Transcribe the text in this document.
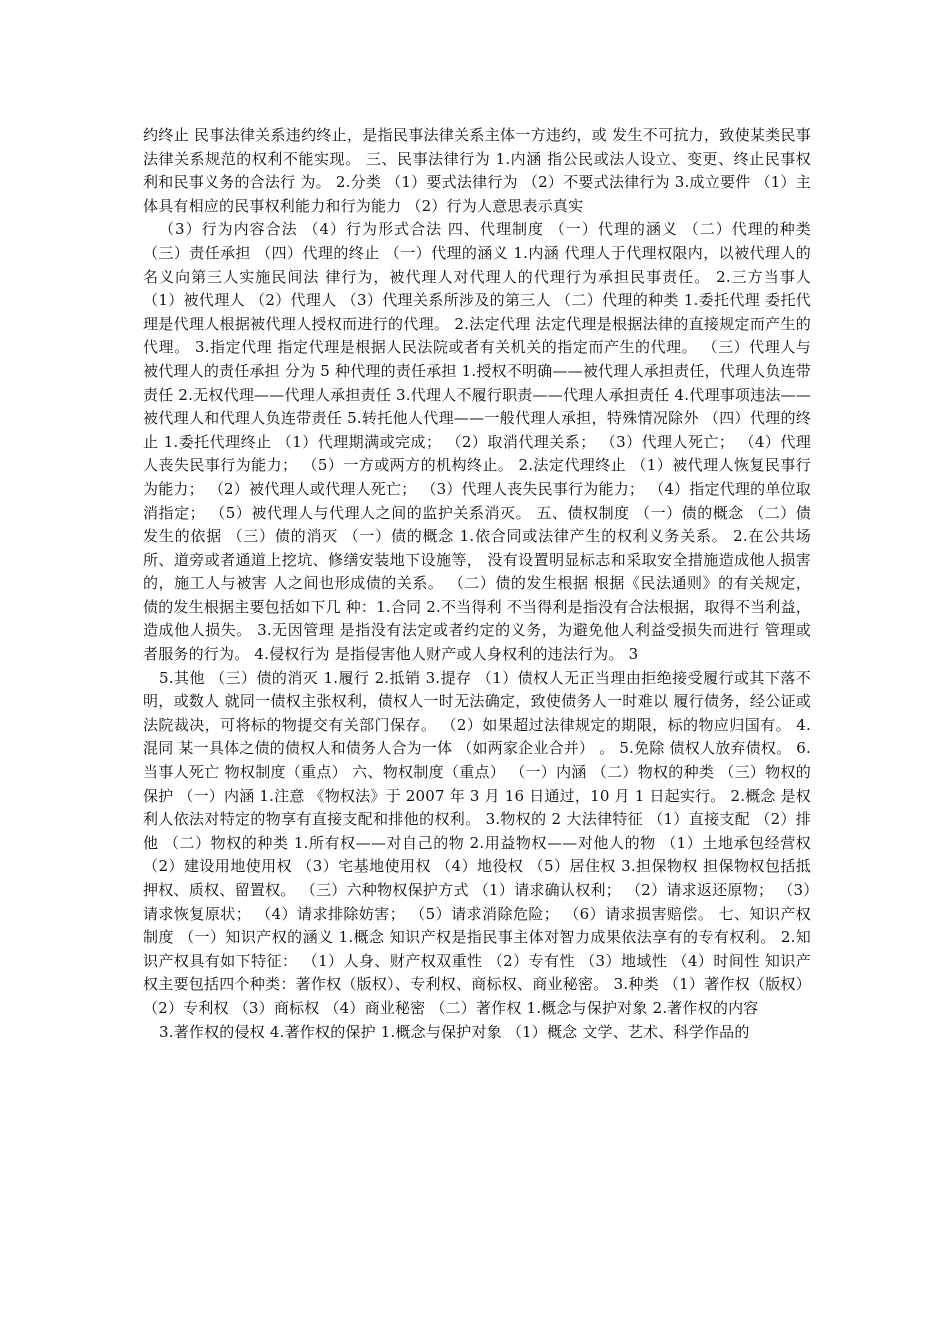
约终止 民事法律关系违约终止，是指民事法律关系主体一方违约，或 发生不可抗力，致使某类民事法律关系规范的权利不能实现。 三、民事法律行为 1.内涵 指公民或法人设立、变更、终止民事权利和民事义务的合法行 为。 2.分类 （1）要式法律行为 （2）不要式法律行为 3.成立要件 （1）主体具有相应的民事权利能力和行为能力 （2）行为人意思表示真实

（3）行为内容合法 （4）行为形式合法 四、代理制度 （一）代理的涵义 （二）代理的种类 （三）责任承担 （四）代理的终止 （一）代理的涵义 1.内涵 代理人于代理权限内，以被代理人的名义向第三人实施民间法 律行为，被代理人对代理人的代理行为承担民事责任。 2.三方当事人 （1）被代理人 （2）代理人 （3）代理关系所涉及的第三人 （二）代理的种类 1.委托代理 委托代理是代理人根据被代理人授权而进行的代理。 2.法定代理 法定代理是根据法律的直接规定而产生的代理。 3.指定代理 指定代理是根据人民法院或者有关机关的指定而产生的代理。 （三）代理人与被代理人的责任承担 分为 5 种代理的责任承担 1.授权不明确——被代理人承担责任，代理人负连带责任 2.无权代理——代理人承担责任 3.代理人不履行职责——代理人承担责任 4.代理事项违法——被代理人和代理人负连带责任 5.转托他人代理——一般代理人承担，特殊情况除外 （四）代理的终止 1.委托代理终止 （1）代理期满或完成； （2）取消代理关系； （3）代理人死亡； （4）代理人丧失民事行为能力； （5）一方或两方的机构终止。 2.法定代理终止 （1）被代理人恢复民事行为能力； （2）被代理人或代理人死亡； （3）代理人丧失民事行为能力； （4）指定代理的单位取消指定； （5）被代理人与代理人之间的监护关系消灭。 五、债权制度 （一）债的概念 （二）债发生的依据 （三）债的消灭 （一）债的概念 1.依合同或法律产生的权利义务关系。 2.在公共场所、道旁或者通道上挖坑、修缮安装地下设施等， 没有设置明显标志和采取安全措施造成他人损害的，施工人与被害 人之间也形成债的关系。 （二）债的发生根据 根据《民法通则》的有关规定，债的发生根据主要包括如下几 种：1.合同 2.不当得利 不当得利是指没有合法根据，取得不当利益，造成他人损失。 3.无因管理 是指没有法定或者约定的义务，为避免他人利益受损失而进行 管理或者服务的行为。 4.侵权行为 是指侵害他人财产或人身权利的违法行为。 3

5.其他 （三）债的消灭 1.履行 2.抵销 3.提存 （1）债权人无正当理由拒绝接受履行或其下落不明，或数人 就同一债权主张权利，债权人一时无法确定，致使债务人一时难以 履行债务，经公证或法院裁决，可将标的物提交有关部门保存。 （2）如果超过法律规定的期限，标的物应归国有。 4.混同 某一具体之债的债权人和债务人合为一体 （如两家企业合并） 。 5.免除 债权人放弃债权。 6.当事人死亡 物权制度（重点） 六、物权制度（重点） （一）内涵 （二）物权的种类 （三）物权的保护 （一）内涵 1.注意 《物权法》于 2007 年 3 月 16 日通过，10 月 1 日起实行。 2.概念 是权利人依法对特定的物享有直接支配和排他的权利。 3.物权的 2 大法律特征 （1）直接支配 （2）排他 （二）物权的种类 1.所有权——对自己的物 2.用益物权——对他人的物 （1）土地承包经营权 （2）建设用地使用权 （3）宅基地使用权 （4）地役权 （5）居住权 3.担保物权 担保物权包括抵押权、质权、留置权。 （三）六种物权保护方式 （1）请求确认权利； （2）请求返还原物； （3）请求恢复原状； （4）请求排除妨害； （5）请求消除危险； （6）请求损害赔偿。 七、知识产权制度 （一）知识产权的涵义 1.概念 知识产权是指民事主体对智力成果依法享有的专有权利。 2.知识产权具有如下特征： （1）人身、财产权双重性 （2）专有性 （3）地域性 （4）时间性 知识产权主要包括四个种类：著作权（版权）、专利权、商标权、商业秘密。 3.种类 （1）著作权（版权） （2）专利权 （3）商标权 （4）商业秘密 （二）著作权 1.概念与保护对象 2.著作权的内容

3.著作权的侵权 4.著作权的保护 1.概念与保护对象 （1）概念 文学、艺术、科学作品的
